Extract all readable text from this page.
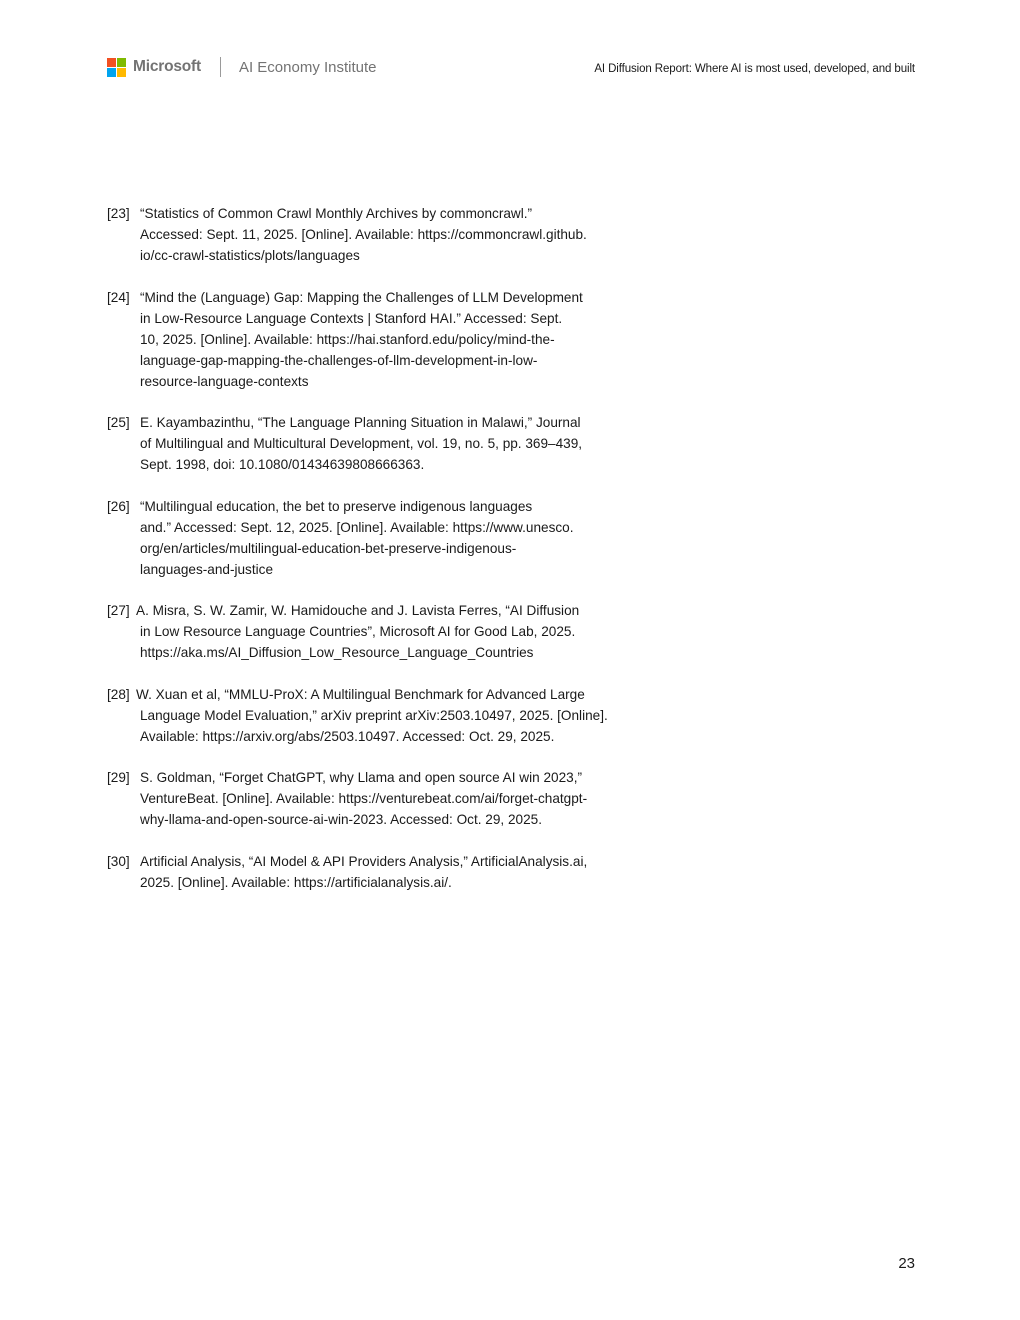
Microsoft	AI Economy Institute	AI Diffusion Report: Where AI is most used, developed, and built
[23] “Statistics of Common Crawl Monthly Archives by commoncrawl.”
Accessed: Sept. 11, 2025. [Online]. Available: https://commoncrawl.github.
io/cc-crawl-statistics/plots/languages
[24] “Mind the (Language) Gap: Mapping the Challenges of LLM Development
in Low-Resource Language Contexts | Stanford HAI.” Accessed: Sept.
10, 2025. [Online]. Available: https://hai.stanford.edu/policy/mind-the-
language-gap-mapping-the-challenges-of-llm-development-in-low-
resource-language-contexts
[25] E. Kayambazinthu, “The Language Planning Situation in Malawi,” Journal
of Multilingual and Multicultural Development, vol. 19, no. 5, pp. 369–439,
Sept. 1998, doi: 10.1080/01434639808666363.
[26] “Multilingual education, the bet to preserve indigenous languages
and.” Accessed: Sept. 12, 2025. [Online]. Available: https://www.unesco.
org/en/articles/multilingual-education-bet-preserve-indigenous-
languages-and-justice
[27] A. Misra, S. W. Zamir, W. Hamidouche and J. Lavista Ferres, “AI Diffusion
in Low Resource Language Countries”, Microsoft AI for Good Lab, 2025.
https://aka.ms/AI_Diffusion_Low_Resource_Language_Countries
[28] W. Xuan et al, “MMLU-ProX: A Multilingual Benchmark for Advanced Large
Language Model Evaluation,” arXiv preprint arXiv:2503.10497, 2025. [Online].
Available: https://arxiv.org/abs/2503.10497. Accessed: Oct. 29, 2025.
[29] S. Goldman, “Forget ChatGPT, why Llama and open source AI win 2023,”
VentureBeat. [Online]. Available: https://venturebeat.com/ai/forget-chatgpt-
why-llama-and-open-source-ai-win-2023. Accessed: Oct. 29, 2025.
[30] Artificial Analysis, “AI Model & API Providers Analysis,” ArtificialAnalysis.ai,
2025. [Online]. Available: https://artificialanalysis.ai/.
23
